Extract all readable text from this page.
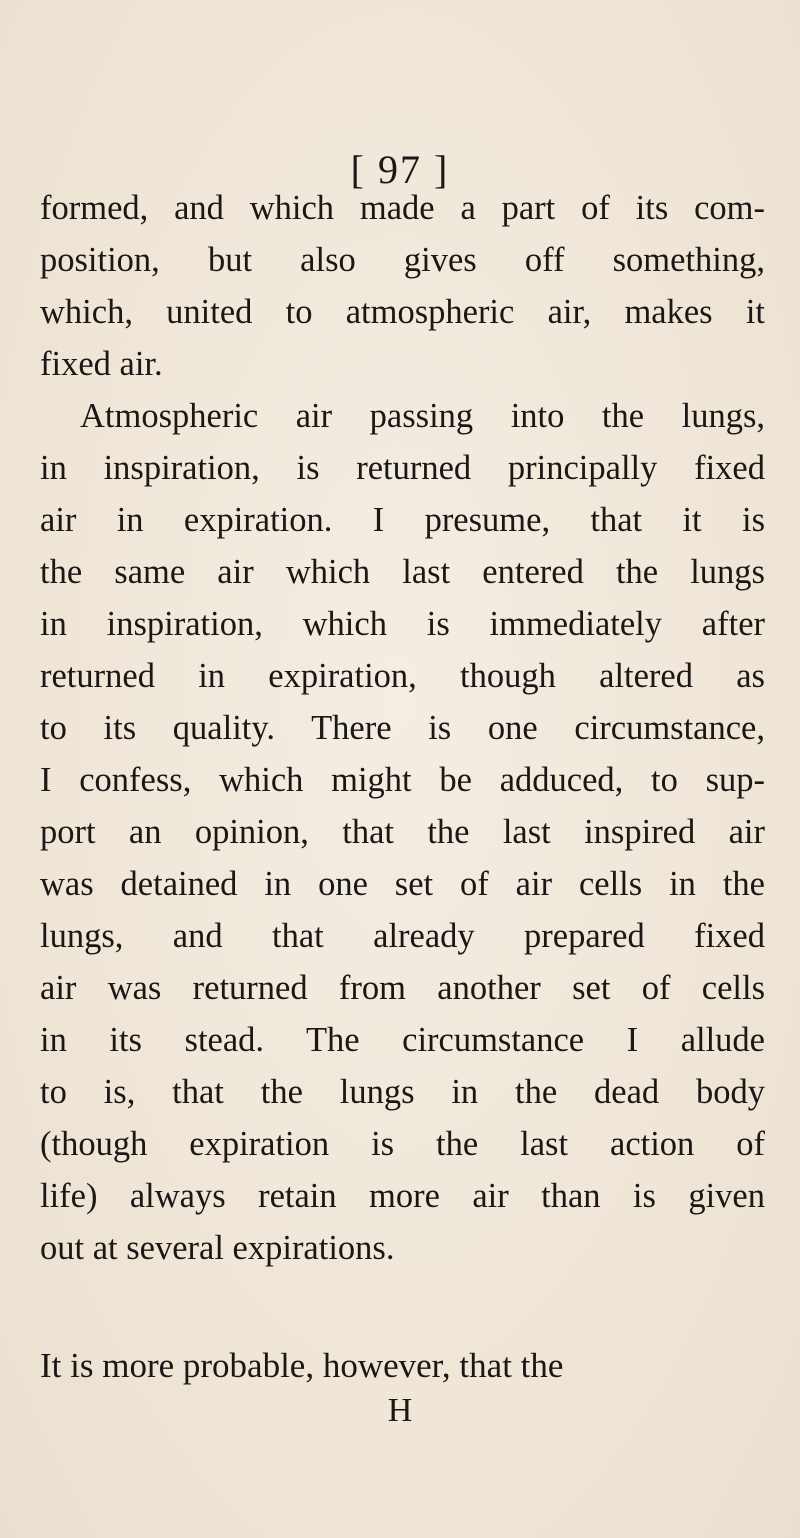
[ 97 ]
formed, and which made a part of its com-
position, but also gives off something,
which, united to atmospheric air, makes it
fixed air.
Atmospheric air passing into the lungs,
in inspiration, is returned principally fixed
air in expiration. I presume, that it is
the same air which last entered the lungs
in inspiration, which is immediately after
returned in expiration, though altered as
to its quality. There is one circumstance,
I confess, which might be adduced, to sup-
port an opinion, that the last inspired air
was detained in one set of air cells in the
lungs, and that already prepared fixed
air was returned from another set of cells
in its stead. The circumstance I allude
to is, that the lungs in the dead body
(though expiration is the last action of
life) always retain more air than is given
out at several expirations.
It is more probable, however, that the
H
